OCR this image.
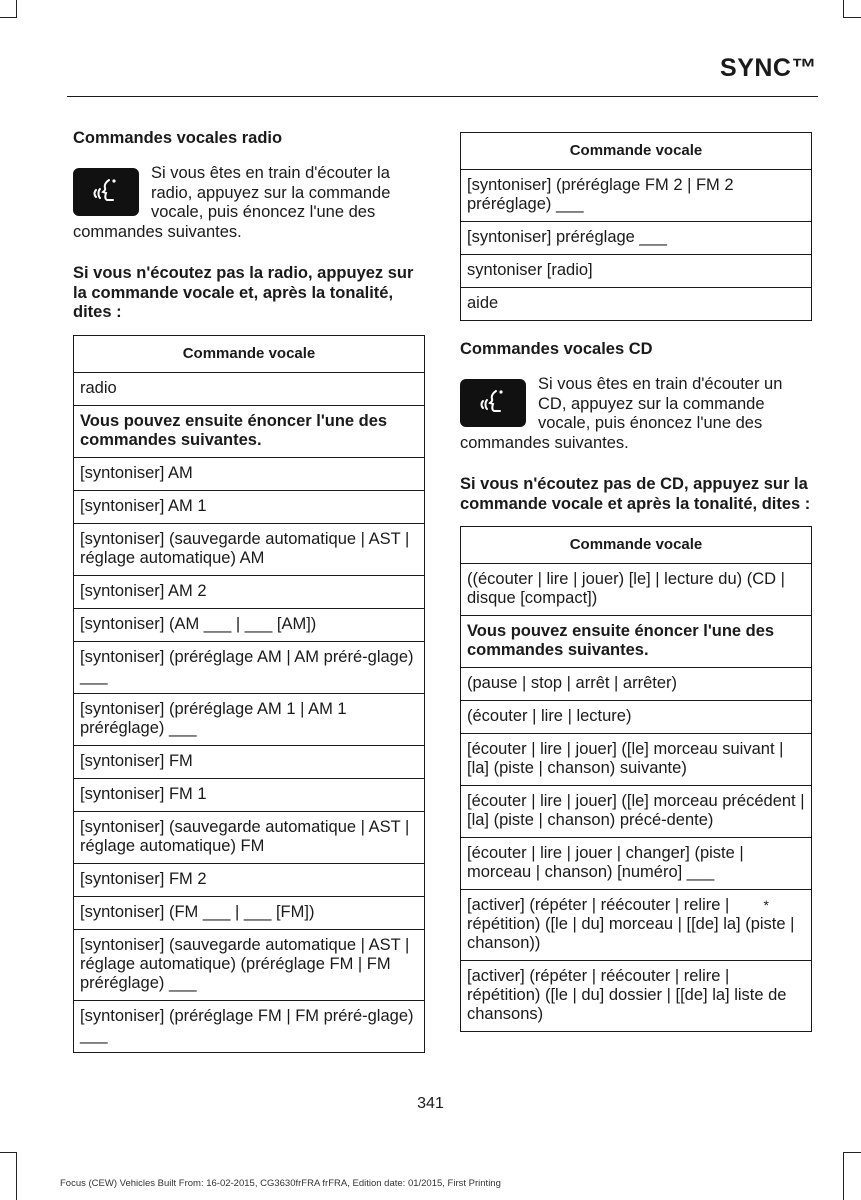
SYNC™
Commandes vocales radio
Si vous êtes en train d'écouter la radio, appuyez sur la commande vocale, puis énoncez l'une des commandes suivantes.
Si vous n'écoutez pas la radio, appuyez sur la commande vocale et, après la tonalité, dites :
Commande vocale
radio
Vous pouvez ensuite énoncer l'une des commandes suivantes.
[syntoniser] AM
[syntoniser] AM 1
[syntoniser] (sauvegarde automatique | AST | réglage automatique) AM
[syntoniser] AM 2
[syntoniser] (AM ___ | ___ [AM])
[syntoniser] (préréglage AM | AM préré-glage) ___
[syntoniser] (préréglage AM 1 | AM 1 préréglage) ___
[syntoniser] FM
[syntoniser] FM 1
[syntoniser] (sauvegarde automatique | AST | réglage automatique) FM
[syntoniser] FM 2
[syntoniser] (FM ___ | ___ [FM])
[syntoniser] (sauvegarde automatique | AST | réglage automatique) (préréglage FM | FM préréglage) ___
[syntoniser] (préréglage FM | FM préré-glage) ___
Commande vocale
[syntoniser] (préréglage FM 2 | FM 2 préréglage) ___
[syntoniser] préréglage ___
syntoniser [radio]
aide
Commandes vocales CD
Si vous êtes en train d'écouter un CD, appuyez sur la commande vocale, puis énoncez l'une des commandes suivantes.
Si vous n'écoutez pas de CD, appuyez sur la commande vocale et après la tonalité, dites :
Commande vocale
((écouter | lire | jouer) [le] | lecture du) (CD | disque [compact])
Vous pouvez ensuite énoncer l'une des commandes suivantes.
(pause | stop | arrêt | arrêter)
(écouter | lire | lecture)
[écouter | lire | jouer] ([le] morceau suivant | [la] (piste | chanson) suivante)
[écouter | lire | jouer] ([le] morceau précédent | [la] (piste | chanson) précé-dente)
[écouter | lire | jouer | changer] (piste | morceau | chanson) [numéro] ___

*
[activer] (répéter | réécouter | relire | répétition) ([le | du] morceau | [[de] la] (piste | chanson))
[activer] (répéter | réécouter | relire | répétition) ([le | du] dossier | [[de] la] liste de chansons)
341
Focus (CEW) Vehicles Built From: 16-02-2015, CG3630frFRA frFRA, Edition date: 01/2015, First Printing
